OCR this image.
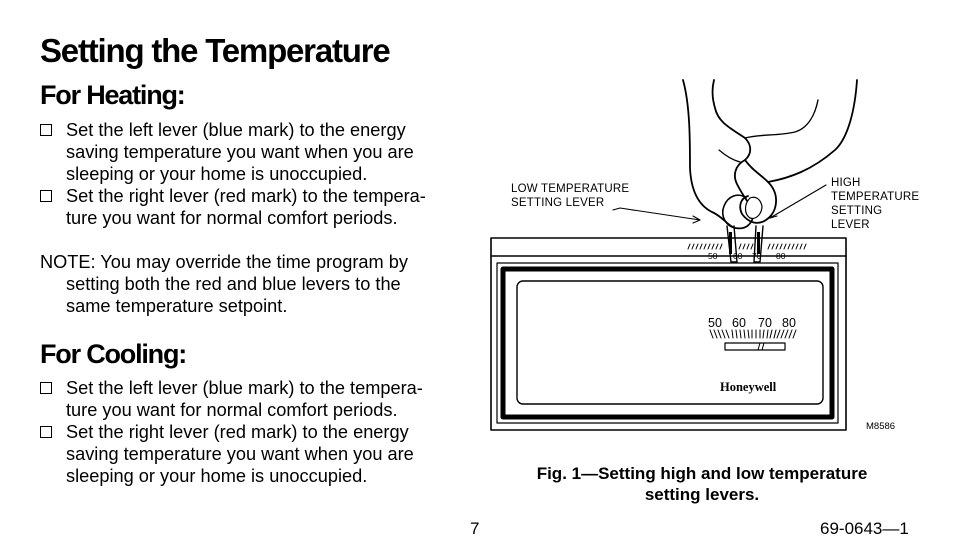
Setting the Temperature
For Heating:
Set the left lever (blue mark) to the energy
saving temperature you want when you are
sleeping or your home is unoccupied.
Set the right lever (red mark) to the tempera-
ture you want for normal comfort periods.
NOTE: You may override the time program by
setting both the red and blue levers to the
same temperature setpoint.
For Cooling:
Set the left lever (blue mark) to the tempera-
ture you want for normal comfort periods.
Set the right lever (red mark) to the energy
saving temperature you want when you are
sleeping or your home is unoccupied.
LOW TEMPERATURE
SETTING LEVER
HIGH
TEMPERATURE
SETTING
LEVER
50 60 70 80
50 60 70 80
Honeywell
M8586
Fig. 1—Setting high and low temperature
setting levers.
7	69-0643—1
